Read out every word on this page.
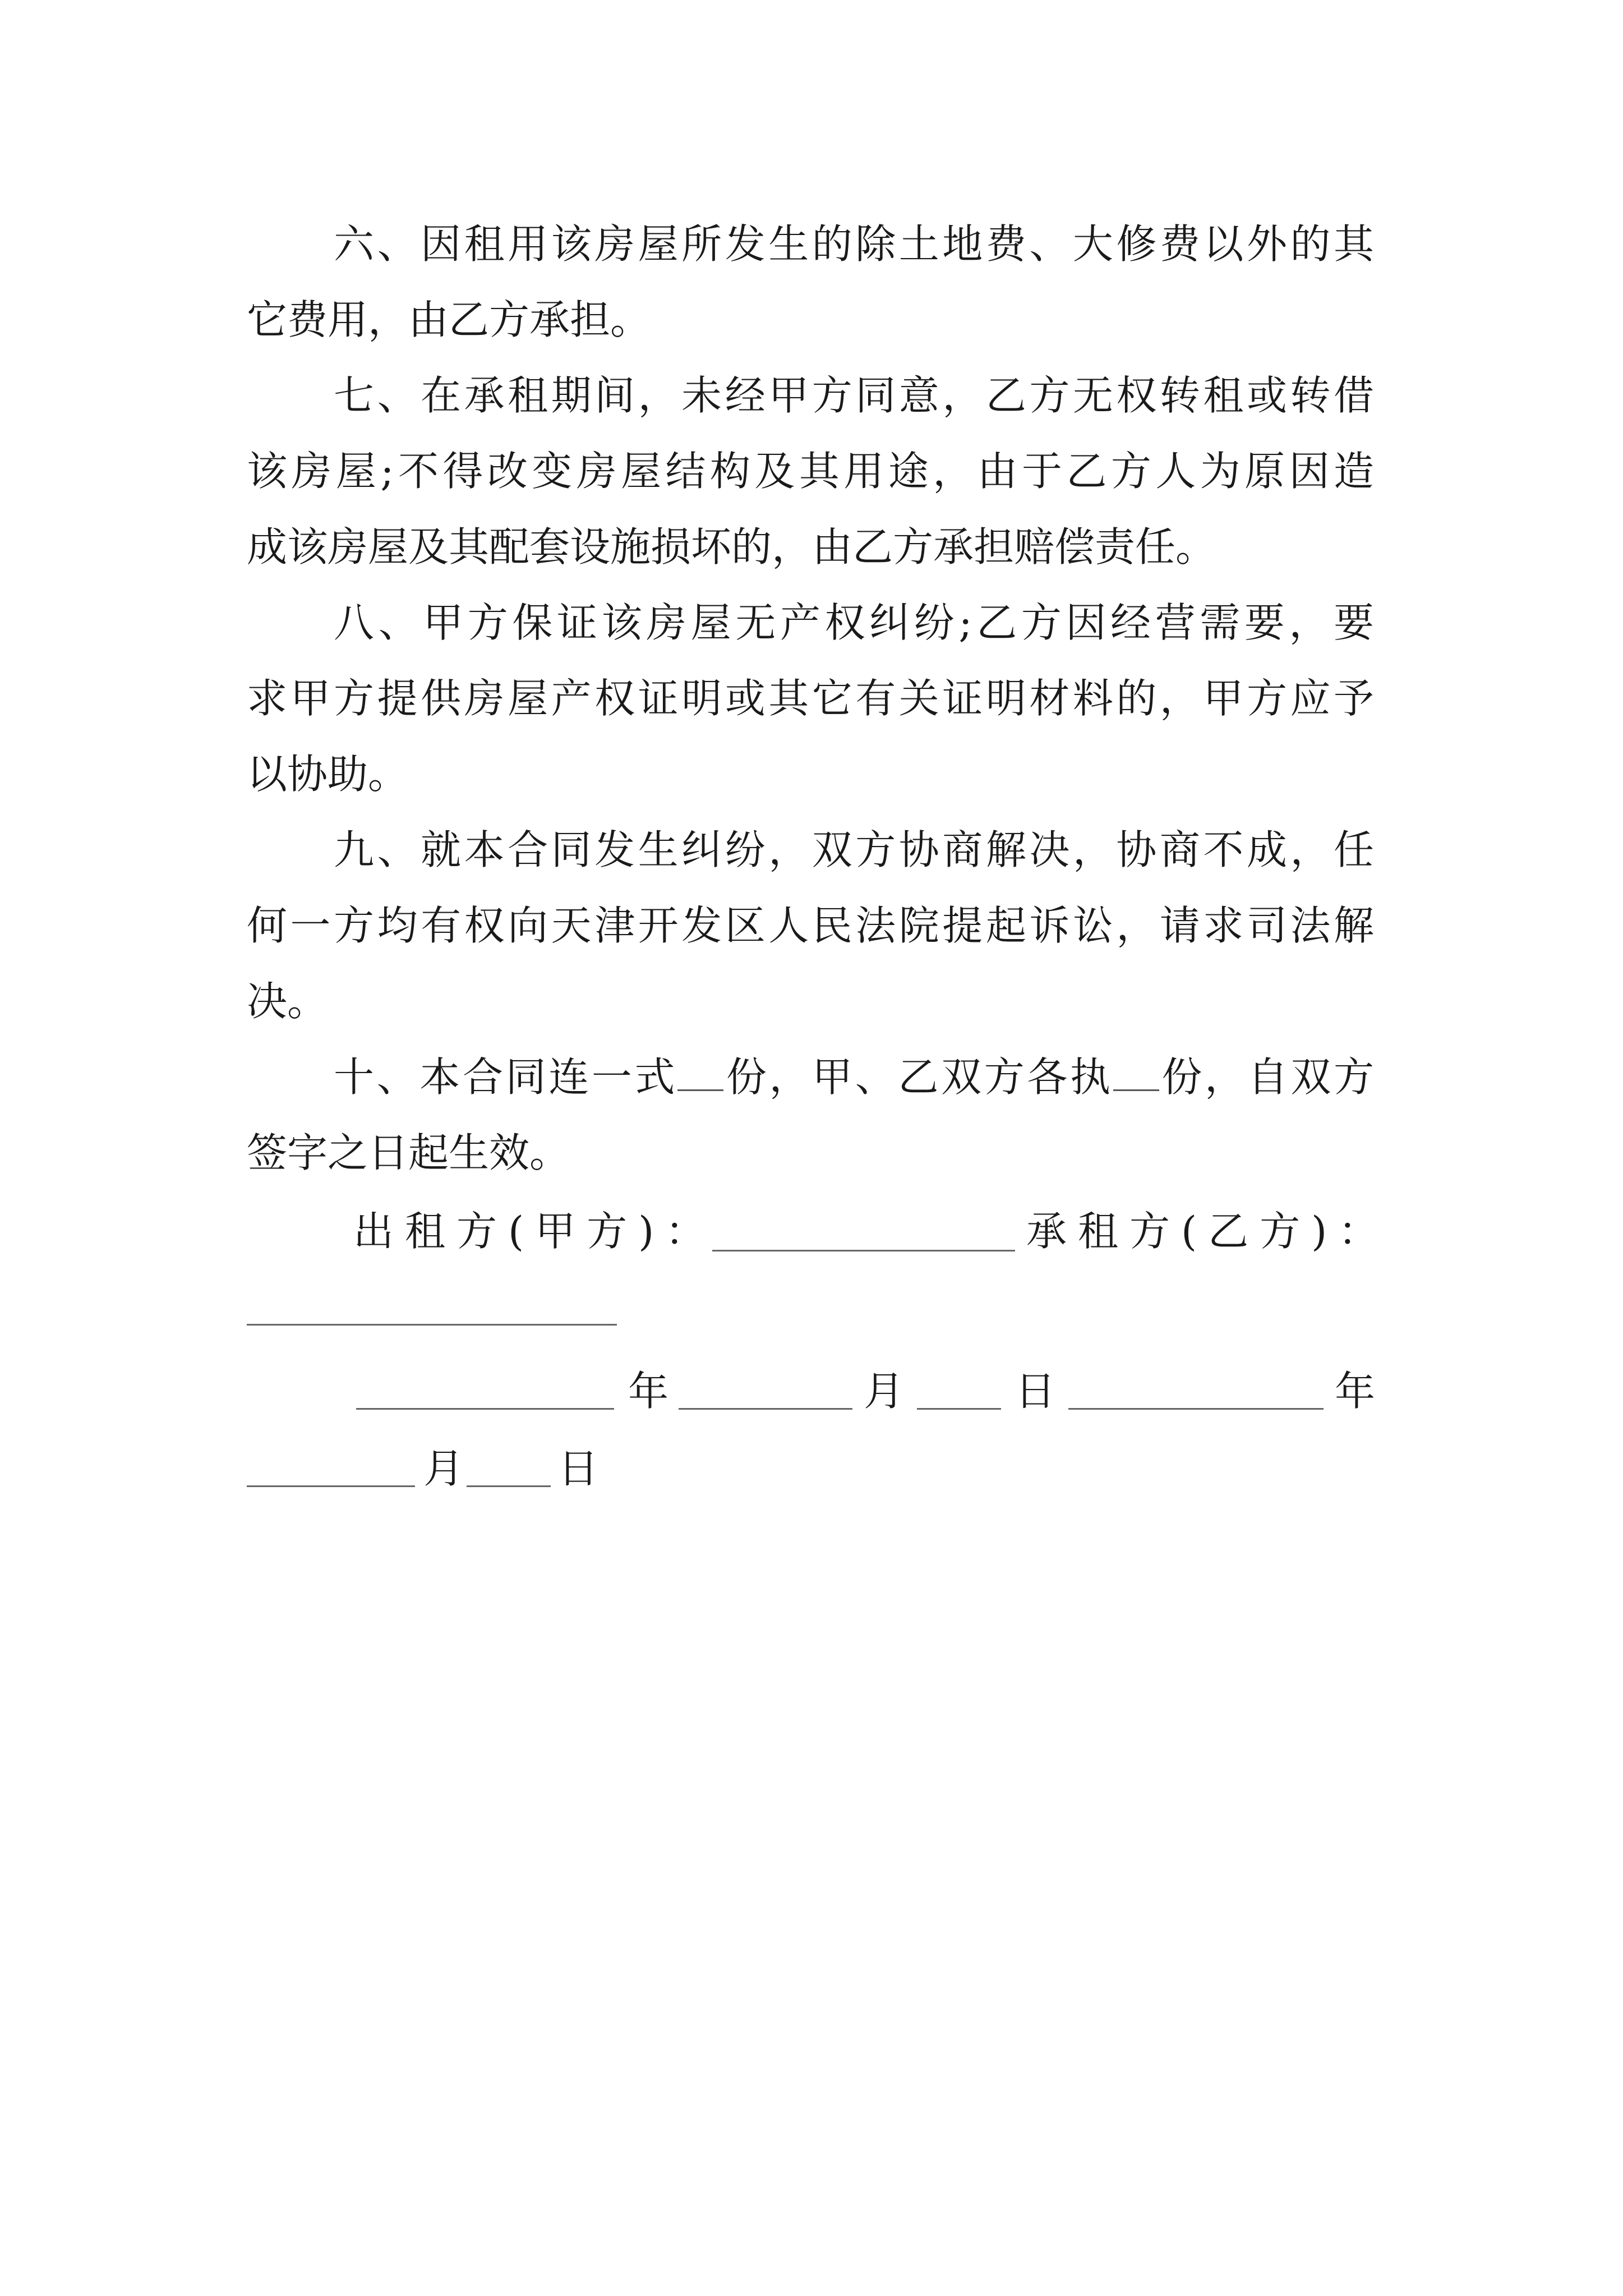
六、因租用该房屋所发生的除土地费、大修费以外的其
它费用，由乙方承担。
七、在承租期间，未经甲方同意，乙方无权转租或转借
该房屋;不得改变房屋结构及其用途，由于乙方人为原因造
成该房屋及其配套设施损坏的，由乙方承担赔偿责任。
八、甲方保证该房屋无产权纠纷;乙方因经营需要，要
求甲方提供房屋产权证明或其它有关证明材料的，甲方应予
以协助。
九、就本合同发生纠纷，双方协商解决，协商不成，任
何一方均有权向天津开发区人民法院提起诉讼，请求司法解
决。
十、本合同连一式 份，甲、乙双方各执 份，自双方
签字之日起生效。
出租方(甲方)：	承租方(乙方)：
年	月	日	年
月 日
